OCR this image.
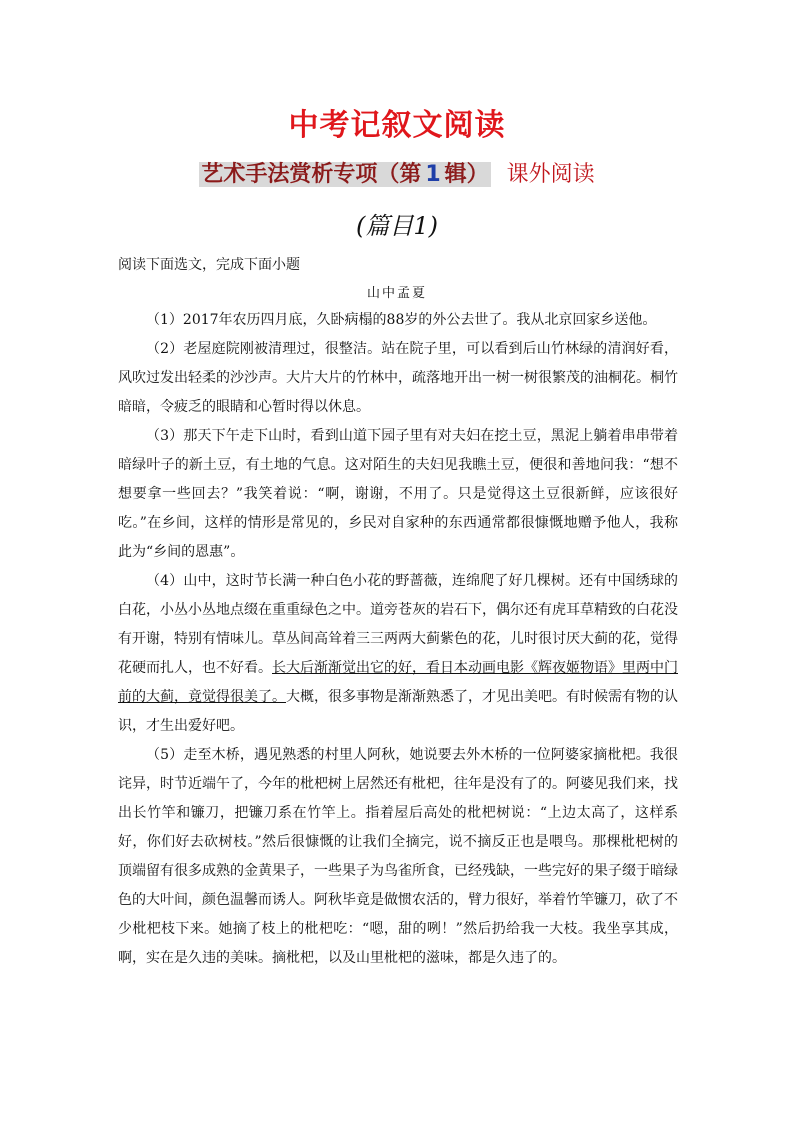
中考记叙文阅读
艺术手法赏析专项（第 1 辑） 课外阅读
(篇目1)
阅读下面选文，完成下面小题
山中孟夏

（1）2017年农历四月底，久卧病榻的88岁的外公去世了。我从北京回家乡送他。

（2）老屋庭院刚被清理过，很整洁。站在院子里，可以看到后山竹林绿的清润好看，风吹过发出轻柔的沙沙声。大片大片的竹林中，疏落地开出一树一树很繁茂的油桐花。桐竹暗暗，令疲乏的眼睛和心暂时得以休息。

（3）那天下午走下山时，看到山道下园子里有对夫妇在挖土豆，黑泥上躺着串串带着暗绿叶子的新土豆，有土地的气息。这对陌生的夫妇见我瞧土豆，便很和善地问我：“想不想要拿一些回去？”我笑着说：“啊，谢谢，不用了。只是觉得这土豆很新鲜，应该很好吃。”在乡间，这样的情形是常见的，乡民对自家种的东西通常都很慷慨地赠予他人，我称此为“乡间的恩惠”。

（4）山中，这时节长满一种白色小花的野蔷薇，连绵爬了好几棵树。还有中国绣球的白花，小丛小丛地点缀在重重绿色之中。道旁苍灰的岩石下，偶尔还有虎耳草精致的白花没有开谢，特别有情味儿。草丛间高耸着三三两两大蓟紫色的花，儿时很讨厌大蓟的花，觉得花硬而扎人，也不好看。长大后渐渐觉出它的好，看日本动画电影《辉夜姬物语》里两中门前的大蓟，竟觉得很美了。大概，很多事物是渐渐熟悉了，才见出美吧。有时候需有物的认识，才生出爱好吧。

（5）走至木桥，遇见熟悉的村里人阿秋，她说要去外木桥的一位阿婆家摘枇杷。我很诧异，时节近端午了，今年的枇杷树上居然还有枇杷，往年是没有了的。阿婆见我们来，找出长竹竿和镰刀，把镰刀系在竹竿上。指着屋后高处的枇杷树说：“上边太高了，这样系好，你们好去砍树枝。”然后很慷慨的让我们全摘完，说不摘反正也是喂鸟。那棵枇杷树的顶端留有很多成熟的金黄果子，一些果子为鸟雀所食，已经残缺，一些完好的果子缀于暗绿色的大叶间，颜色温馨而诱人。阿秋毕竟是做惯农活的，臂力很好，举着竹竿镰刀，砍了不少枇杷枝下来。她摘了枝上的枇杷吃：“嗯，甜的咧！”然后扔给我一大枝。我坐享其成，啊，实在是久违的美味。摘枇杷，以及山里枇杷的滋味，都是久违了的。
